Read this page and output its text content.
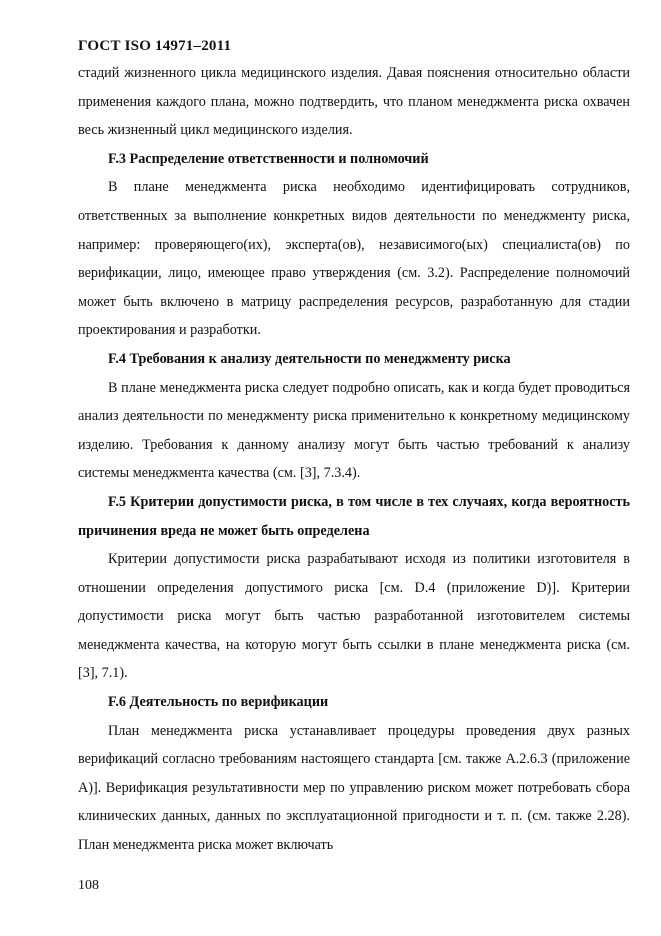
ГОСТ ISO 14971–2011

стадий жизненного цикла медицинского изделия. Давая пояснения относительно области применения каждого плана, можно подтвердить, что планом менеджмента риска охвачен весь жизненный цикл медицинского изделия.

F.3 Распределение ответственности и полномочий

В плане менеджмента риска необходимо идентифицировать сотрудников, ответственных за выполнение конкретных видов деятельности по менеджменту риска, например: проверяющего(их), эксперта(ов), независимого(ых) специалиста(ов) по верификации, лицо, имеющее право утверждения (см. 3.2). Распределение полномочий может быть включено в матрицу распределения ресурсов, разработанную для стадии проектирования и разработки.

F.4 Требования к анализу деятельности по менеджменту риска

В плане менеджмента риска следует подробно описать, как и когда будет проводиться анализ деятельности по менеджменту риска применительно к конкретному медицинскому изделию. Требования к данному анализу могут быть частью требований к анализу системы менеджмента качества (см. [3], 7.3.4).

F.5 Критерии допустимости риска, в том числе в тех случаях, когда вероятность причинения вреда не может быть определена

Критерии допустимости риска разрабатывают исходя из политики изготовителя в отношении определения допустимого риска [см. D.4 (приложение D)]. Критерии допустимости риска могут быть частью разработанной изготовителем системы менеджмента качества, на которую могут быть ссылки в плане менеджмента риска (см. [3], 7.1).

F.6 Деятельность по верификации

План менеджмента риска устанавливает процедуры проведения двух разных верификаций согласно требованиям настоящего стандарта [см. также А.2.6.3 (приложение А)]. Верификация результативности мер по управлению риском может потребовать сбора клинических данных, данных по эксплуатационной пригодности и т. п. (см. также 2.28). План менеджмента риска может включать

108
